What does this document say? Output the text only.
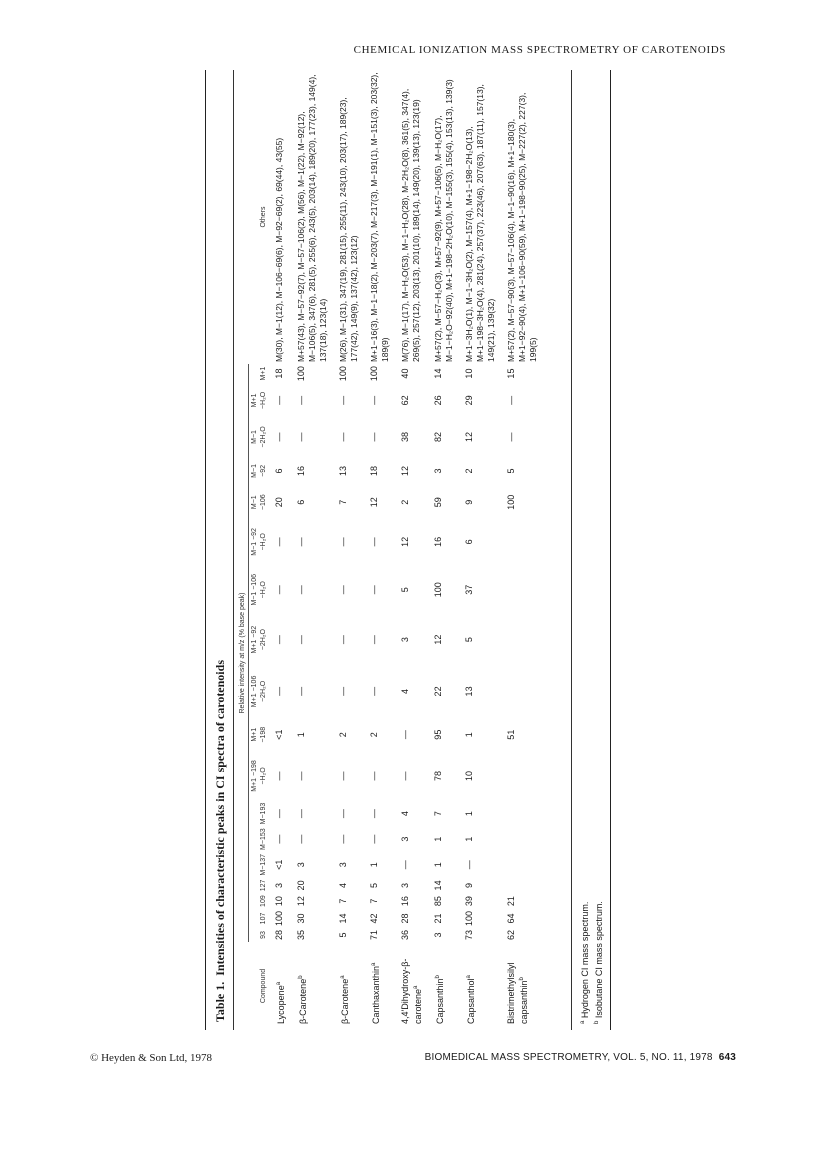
CHEMICAL IONIZATION MASS SPECTROMETRY OF CAROTENOIDS
Table 1.Intensities of characteristic peaks in CI spectra of carotenoids
	Relative intensity at m/z (% base peak)																		
Compound	93	107	109	127	M−137	M−153	M−193	M+1 −198 −H₂O	M+1 −198	M+1 −106 −2H₂O	M+1 −92 −2H₂O	M−1 −106 −H₂O	M−1 −92 −H₂O	M−1 −106	M−1 −92	M−1 −2H₂O	M+1 −H₂O	M+1	Others
Lycopene$^a$	28	100	10	3	<1	—	—	—	<1	—	—	—	—	20	6	—	—	18	M(30), M−1(12), M−106−69(6), M−92−69(2), 69(44), 43(55)
β-Carotene$^b$	35	30	12	20	3	—	—	—	1	—	—	—	—	6	16	—	—	100	M+57(43), M−57−92(7), M−57−106(2), M(56), M−1(22), M−92(12), M−106(5), 347(6), 281(5), 255(6), 243(5), 203(14), 189(20), 177(23), 149(4), 137(18), 123(14)
β-Carotene$^a$	5	14	7	4	3	—	—	—	2	—	—	—	—	7	13	—	—	100	M(26), M−1(31), 347(19), 281(15), 255(11), 243(10), 203(17), 189(23), 177(42), 149(9), 137(42), 123(12)
Canthaxanthin$^a$	71	42	7	5	1	—	—	—	2	—	—	—	—	12	18	—	—	100	M+1−16(3), M−1−18(2), M−203(7), M−217(3), M−191(1), M−151(3), 203(32), 189(9)
4,4′Dihydroxy-β-carotene$^a$	36	28	16	3	—	3	4	—	—	4	3	5	12	2	12	38	62	40	M(76), M−1(17), M−H₂O(53), M−1−H₂O(28), M−2H₂O(8), 361(5), 347(4), 269(5), 257(12), 203(13), 201(10), 189(14), 149(20), 139(13), 123(19)
Capsanthin$^b$	3	21	85	14	1	1	7	78	95	22	12	100	16	59	3	82	26	14	M+57(2), M−57−H₂O(3), M+57−92(9), M+57−106(5), M−H₂O(17), M−1−H₂O−92(40), M+1−198−2H₂O(10), M−155(3), 155(4), 153(13), 139(3)
Capsanthol$^a$	73	100	39	9	—	1	1	10	1	13	5	37	6	9	2	12	29	10	M+1−3H₂O(1), M−1−3H₂O(2), M−157(4), M+1−198−2H₂O(13), M+1−198−3H₂O(4), 281(24), 257(37), 223(46), 207(63), 187(11), 157(13), 149(21), 139(32)
Bistrimethylsilyl capsanthin$^b$	62	64	21						51					100	5	—	—	15	M+57(2), M−57−90(3), M−57−106(4), M−1−90(16), M+1−180(3), M+1−92−90(4), M+1−106−90(59), M+1−198−90(25), M−227(2), 227(3), 199(5)
$^a$ Hydrogen CI mass spectrum.
$^b$ Isobutane CI mass spectrum.
© Heyden & Son Ltd, 1978	BIOMEDICAL MASS SPECTROMETRY, VOL. 5, NO. 11, 1978 643
